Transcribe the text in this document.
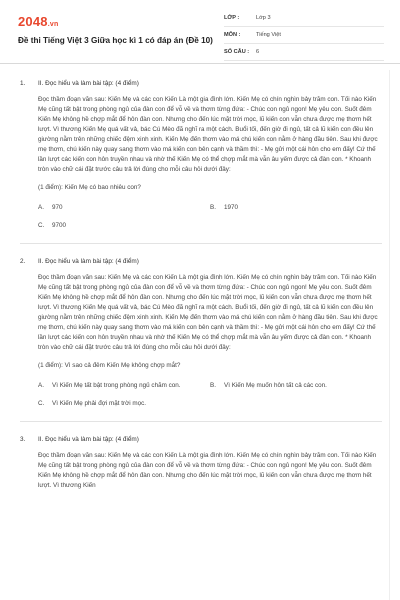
2048.vn
Đề thi Tiếng Việt 3 Giữa học kì 1 có đáp án (Đề 10)
LỚP :	Lớp 3
MÔN :	Tiếng Việt
SỐ CÂU :	6
1.	II. Đọc hiểu và làm bài tập: (4 điểm)

Đọc thầm đoạn văn sau: Kiến Mẹ và các con Kiến Là một gia đình lớn. Kiến Mẹ có chín nghìn bảy trăm con. Tối nào Kiến Mẹ cũng tất bật trong phòng ngủ của đàn con để vỗ về và thơm từng đứa: - Chúc con ngủ ngon! Mẹ yêu con. Suốt đêm Kiến Mẹ không hề chợp mắt để hôn đàn con. Nhưng cho đến lúc mặt trời mọc, lũ kiến con vẫn chưa được mẹ thơm hết lượt. Vì thương Kiến Mẹ quá vất vả, bác Cú Mèo đã nghĩ ra một cách. Buổi tối, đến giờ đi ngủ, tất cả lũ kiến con đều lên giường nằm trên những chiếc đệm xinh xinh. Kiến Mẹ đến thơm vào má chú kiến con nằm ở hàng đầu tiên. Sau khi được mẹ thơm, chú kiến này quay sang thơm vào má kiến con bên cạnh và thầm thì: - Mẹ gửi một cái hôn cho em đấy! Cứ thế lần lượt các kiến con hôn truyền nhau và nhờ thế Kiến Mẹ có thể chợp mắt mà vẫn âu yếm được cả đàn con. * Khoanh tròn vào chữ cái đặt trước câu trả lời đúng cho mỗi câu hỏi dưới đây:

(1 điểm): Kiến Mẹ có bao nhiêu con?

A.	970	B.	1970
C.	9700
2.	II. Đọc hiểu và làm bài tập: (4 điểm)

Đọc thầm đoạn văn sau: Kiến Mẹ và các con Kiến Là một gia đình lớn. Kiến Mẹ có chín nghìn bảy trăm con. Tối nào Kiến Mẹ cũng tất bật trong phòng ngủ của đàn con để vỗ về và thơm từng đứa: - Chúc con ngủ ngon! Mẹ yêu con. Suốt đêm Kiến Mẹ không hề chợp mắt để hôn đàn con. Nhưng cho đến lúc mặt trời mọc, lũ kiến con vẫn chưa được mẹ thơm hết lượt. Vì thương Kiến Mẹ quá vất vả, bác Cú Mèo đã nghĩ ra một cách. Buổi tối, đến giờ đi ngủ, tất cả lũ kiến con đều lên giường nằm trên những chiếc đệm xinh xinh. Kiến Mẹ đến thơm vào má chú kiến con nằm ở hàng đầu tiên. Sau khi được mẹ thơm, chú kiến này quay sang thơm vào má kiến con bên cạnh và thầm thì: - Mẹ gửi một cái hôn cho em đấy! Cứ thế lần lượt các kiến con hôn truyền nhau và nhờ thế Kiến Mẹ có thể chợp mắt mà vẫn âu yếm được cả đàn con. * Khoanh tròn vào chữ cái đặt trước câu trả lời đúng cho mỗi câu hỏi dưới đây:

(1 điểm): Vì sao cả đêm Kiến Mẹ không chợp mắt?

A.	Vì Kiến Mẹ tất bật trong phòng ngủ chăm con.	B.	Vì Kiến Mẹ muốn hôn tất cả các con.
C.	Vì Kiến Mẹ phải đợi mặt trời mọc.
3.	II. Đọc hiểu và làm bài tập: (4 điểm)

Đọc thầm đoạn văn sau: Kiến Mẹ và các con Kiến Là một gia đình lớn. Kiến Mẹ có chín nghìn bảy trăm con. Tối nào Kiến Mẹ cũng tất bật trong phòng ngủ của đàn con để vỗ về và thơm từng đứa: - Chúc con ngủ ngon! Mẹ yêu con. Suốt đêm Kiến Mẹ không hề chợp mắt để hôn đàn con. Nhưng cho đến lúc mặt trời mọc, lũ kiến con vẫn chưa được mẹ thơm hết lượt. Vì thương Kiến
